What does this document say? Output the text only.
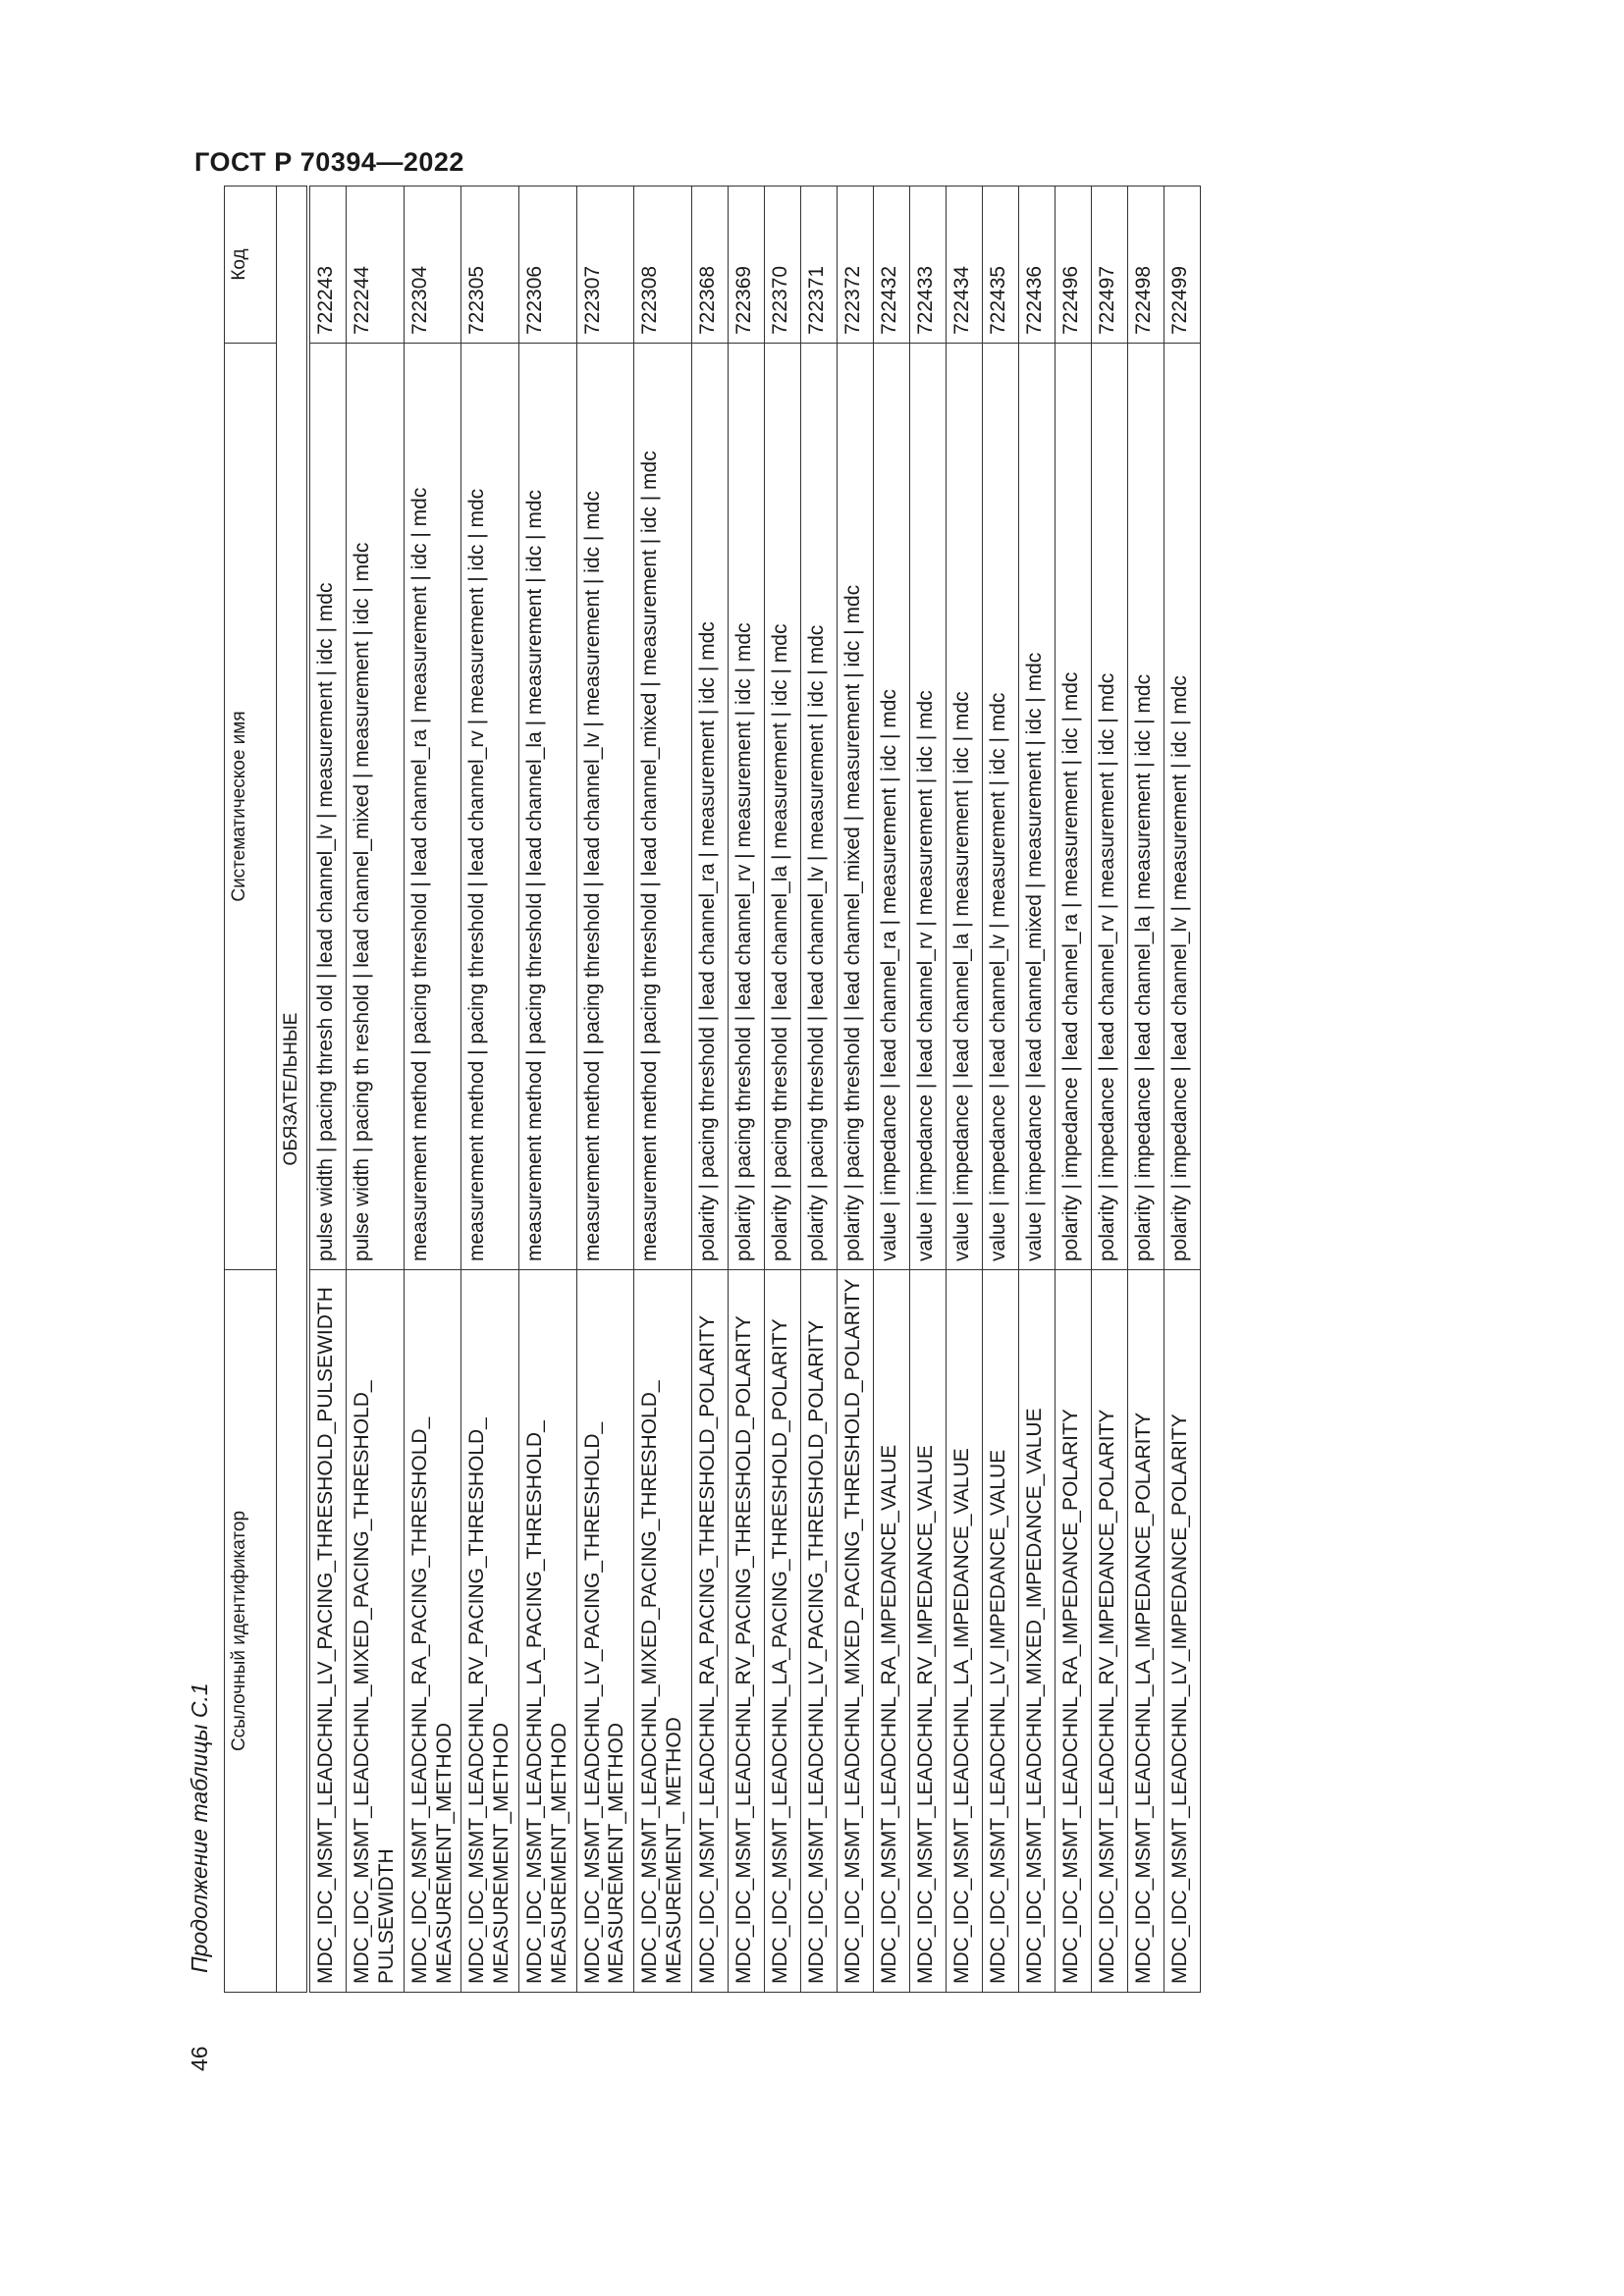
ГОСТ Р 70394—2022
46
Продолжение таблицы С.1
Ссылочный идентификатор	Систематическое имя	Код
ОБЯЗАТЕЛЬНЫЕ		
MDC_IDC_MSMT_LEADCHNL_LV_PACING_THRESHOLD_PULSEWIDTH	pulse width | pacing thresh old | lead channel_lv | measurement | idc | mdc	722243
MDC_IDC_MSMT_LEADCHNL_MIXED_PACING_THRESHOLD_ PULSEWIDTH	pulse width | pacing th reshold | lead channel_mixed | measurement | idc | mdc	722244
MDC_IDC_MSMT_LEADCHNL_RA_PACING_THRESHOLD_ MEASUREMENT_METHOD	measurement method | pacing threshold | lead channel_ra | measurement | idc | mdc	722304
MDC_IDC_MSMT_LEADCHNL_RV_PACING_THRESHOLD_ MEASUREMENT_METHOD	measurement method | pacing threshold | lead channel_rv | measurement | idc | mdc	722305
MDC_IDC_MSMT_LEADCHNL_LA_PACING_THRESHOLD_ MEASUREMENT_METHOD	measurement method | pacing threshold | lead channel_la | measurement | idc | mdc	722306
MDC_IDC_MSMT_LEADCHNL_LV_PACING_THRESHOLD_ MEASUREMENT_METHOD	measurement method | pacing threshold | lead channel_lv | measurement | idc | mdc	722307
MDC_IDC_MSMT_LEADCHNL_MIXED_PACING_THRESHOLD_ MEASUREMENT_ METHOD	measurement method | pacing threshold | lead channel_mixed | measurement | idc | mdc	722308
MDC_IDC_MSMT_LEADCHNL_RA_PACING_THRESHOLD_POLARITY	polarity | pacing threshold | lead channel_ra | measurement | idc | mdc	722368
MDC_IDC_MSMT_LEADCHNL_RV_PACING_THRESHOLD_POLARITY	polarity | pacing threshold | lead channel_rv | measurement | idc | mdc	722369
MDC_IDC_MSMT_LEADCHNL_LA_PACING_THRESHOLD_POLARITY	polarity | pacing threshold | lead channel_la | measurement | idc | mdc	722370
MDC_IDC_MSMT_LEADCHNL_LV_PACING_THRESHOLD_POLARITY	polarity | pacing threshold | lead channel_lv | measurement | idc | mdc	722371
MDC_IDC_MSMT_LEADCHNL_MIXED_PACING_THRESHOLD_POLARITY	polarity | pacing threshold | lead channel_mixed | measurement | idc | mdc	722372
MDC_IDC_MSMT_LEADCHNL_RA_IMPEDANCE_VALUE	value | impedance | lead channel_ra | measurement | idc | mdc	722432
MDC_IDC_MSMT_LEADCHNL_RV_IMPEDANCE_VALUE	value | impedance | lead channel_rv | measurement | idc | mdc	722433
MDC_IDC_MSMT_LEADCHNL_LA_IMPEDANCE_VALUE	value | impedance | lead channel_la | measurement | idc | mdc	722434
MDC_IDC_MSMT_LEADCHNL_LV_IMPEDANCE_VALUE	value | impedance | lead channel_lv | measurement | idc | mdc	722435
MDC_IDC_MSMT_LEADCHNL_MIXED_IMPEDANCE_VALUE	value | impedance | lead channel_mixed | measurement | idc | mdc	722436
MDC_IDC_MSMT_LEADCHNL_RA_IMPEDANCE_POLARITY	polarity | impedance | lead channel_ra | measurement | idc | mdc	722496
MDC_IDC_MSMT_LEADCHNL_RV_IMPEDANCE_POLARITY	polarity | impedance | lead channel_rv | measurement | idc | mdc	722497
MDC_IDC_MSMT_LEADCHNL_LA_IMPEDANCE_POLARITY	polarity | impedance | lead channel_la | measurement | idc | mdc	722498
MDC_IDC_MSMT_LEADCHNL_LV_IMPEDANCE_POLARITY	polarity | impedance | lead channel_lv | measurement | idc | mdc	722499
